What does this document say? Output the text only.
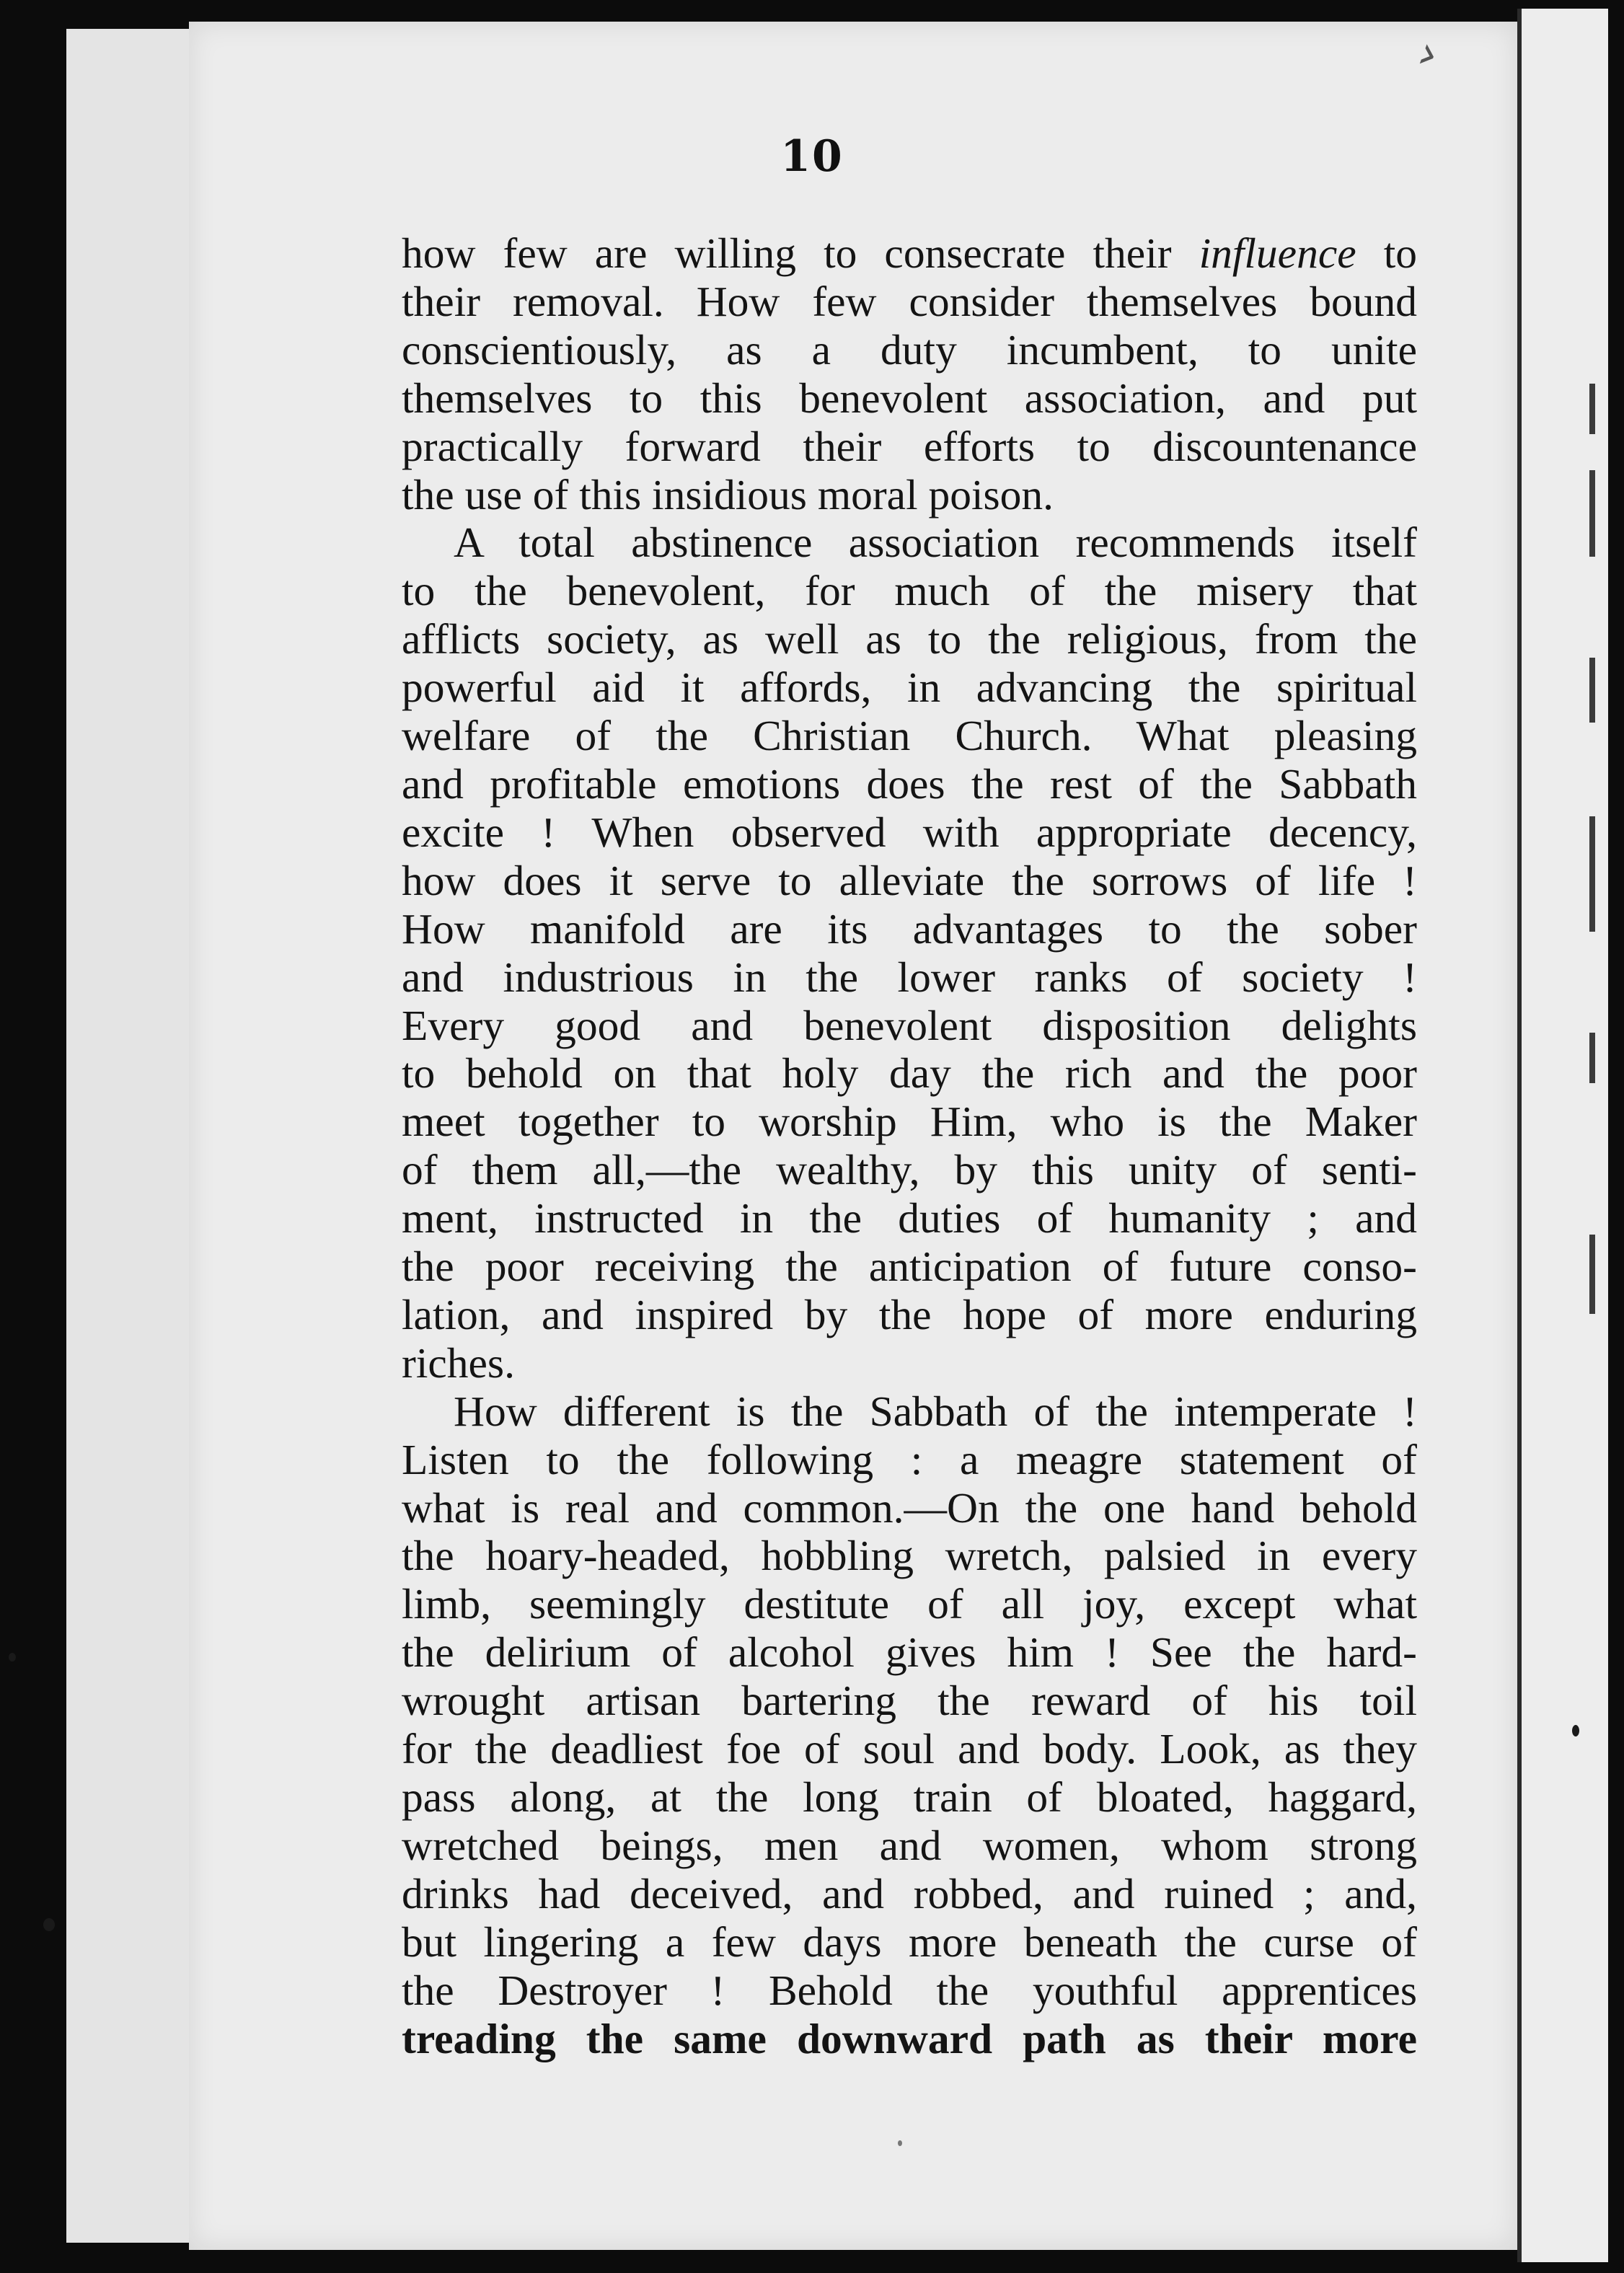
›
10
how few are willing to consecrate their influence to
their removal. How few consider themselves bound
conscientiously, as a duty incumbent, to unite
themselves to this benevolent association, and put
practically forward their efforts to discountenance
the use of this insidious moral poison.
A total abstinence association recommends itself
to the benevolent, for much of the misery that
afflicts society, as well as to the religious, from the
powerful aid it affords, in advancing the spiritual
welfare of the Christian Church. What pleasing
and profitable emotions does the rest of the Sabbath
excite ! When observed with appropriate decency,
how does it serve to alleviate the sorrows of life !
How manifold are its advantages to the sober
and industrious in the lower ranks of society !
Every good and benevolent disposition delights
to behold on that holy day the rich and the poor
meet together to worship Him, who is the Maker
of them all,—the wealthy, by this unity of senti-
ment, instructed in the duties of humanity ; and
the poor receiving the anticipation of future conso-
lation, and inspired by the hope of more enduring
riches.
How different is the Sabbath of the intemperate !
Listen to the following : a meagre statement of
what is real and common.—On the one hand behold
the hoary-headed, hobbling wretch, palsied in every
limb, seemingly destitute of all joy, except what
the delirium of alcohol gives him ! See the hard-
wrought artisan bartering the reward of his toil
for the deadliest foe of soul and body. Look, as they
pass along, at the long train of bloated, haggard,
wretched beings, men and women, whom strong
drinks had deceived, and robbed, and ruined ; and,
but lingering a few days more beneath the curse of
the Destroyer ! Behold the youthful apprentices
treading the same downward path as their more
